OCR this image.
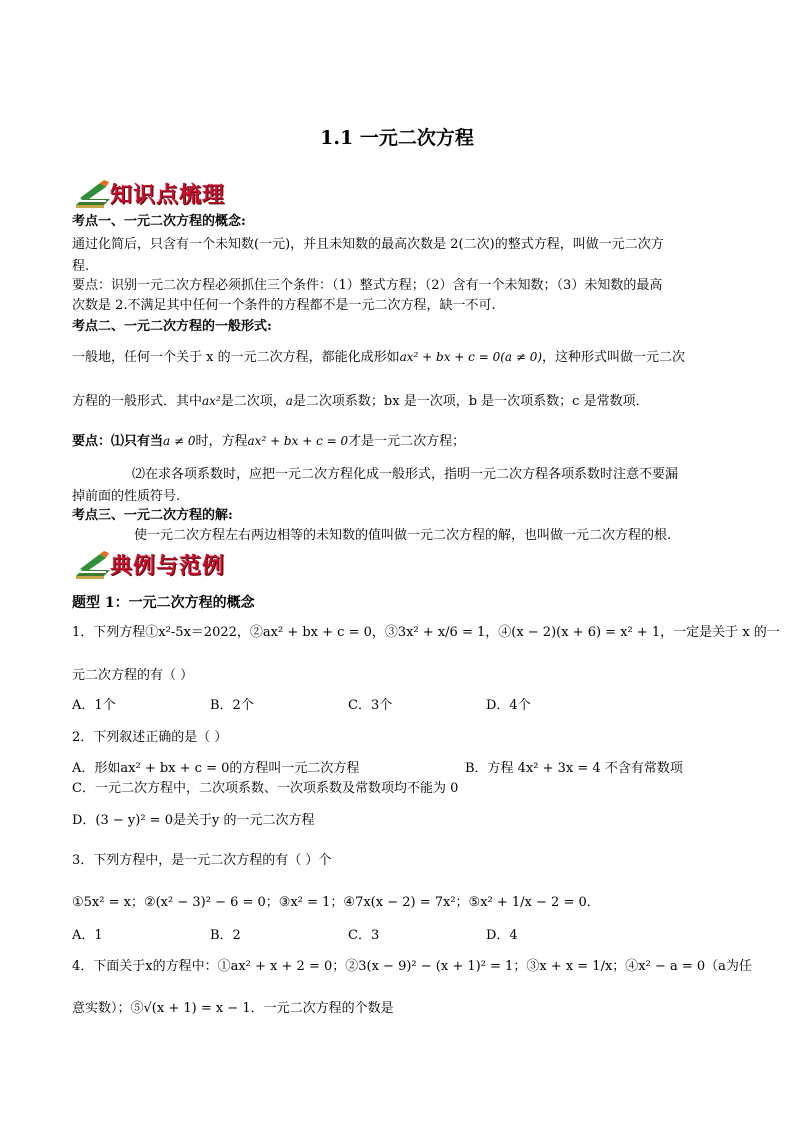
1.1 一元二次方程
知识点梳理
考点一、一元二次方程的概念:
通过化简后，只含有一个未知数(一元)，并且未知数的最高次数是 2(二次)的整式方程，叫做一元二次方
程.
要点：识别一元二次方程必须抓住三个条件：（1）整式方程；（2）含有一个未知数；（3）未知数的最高
次数是 2.不满足其中任何一个条件的方程都不是一元二次方程，缺一不可.
考点二、一元二次方程的一般形式:
一般地，任何一个关于 x 的一元二次方程，都能化成形如ax² + bx + c = 0(a ≠ 0)，这种形式叫做一元二次
方程的一般形式．其中ax²是二次项，a是二次项系数；bx 是一次项，b 是一次项系数；c 是常数项．
要点：⑴只有当a ≠ 0时，方程ax² + bx + c = 0才是一元二次方程；
⑵在求各项系数时，应把一元二次方程化成一般形式，指明一元二次方程各项系数时注意不要漏
掉前面的性质符号.
考点三、一元二次方程的解:
使一元二次方程左右两边相等的未知数的值叫做一元二次方程的解，也叫做一元二次方程的根.
典例与范例
题型 1：一元二次方程的概念
1．下列方程①x²-5x＝2022，②ax² + bx + c = 0，③3x² + x/6 = 1，④(x − 2)(x + 6) = x² + 1，一定是关于 x 的一
元二次方程的有（ ）
A．1个	B．2个	C．3个	D．4个
2．下列叙述正确的是（ ）
A．形如ax² + bx + c = 0的方程叫一元二次方程	B．方程 4x² + 3x = 4 不含有常数项
C．一元二次方程中，二次项系数、一次项系数及常数项均不能为 0
D．(3 − y)² = 0是关于y 的一元二次方程
3．下列方程中，是一元二次方程的有（ ）个
①5x² = x；②(x² − 3)² − 6 = 0；③x² = 1；④7x(x − 2) = 7x²；⑤x² + 1/x − 2 = 0．
A．1	B．2	C．3	D．4
4．下面关于x的方程中：①ax² + x + 2 = 0；②3(x − 9)² − (x + 1)² = 1；③x + x = 1/x；④x² − a = 0（a为任
意实数）；⑤√(x + 1) = x − 1．一元二次方程的个数是
